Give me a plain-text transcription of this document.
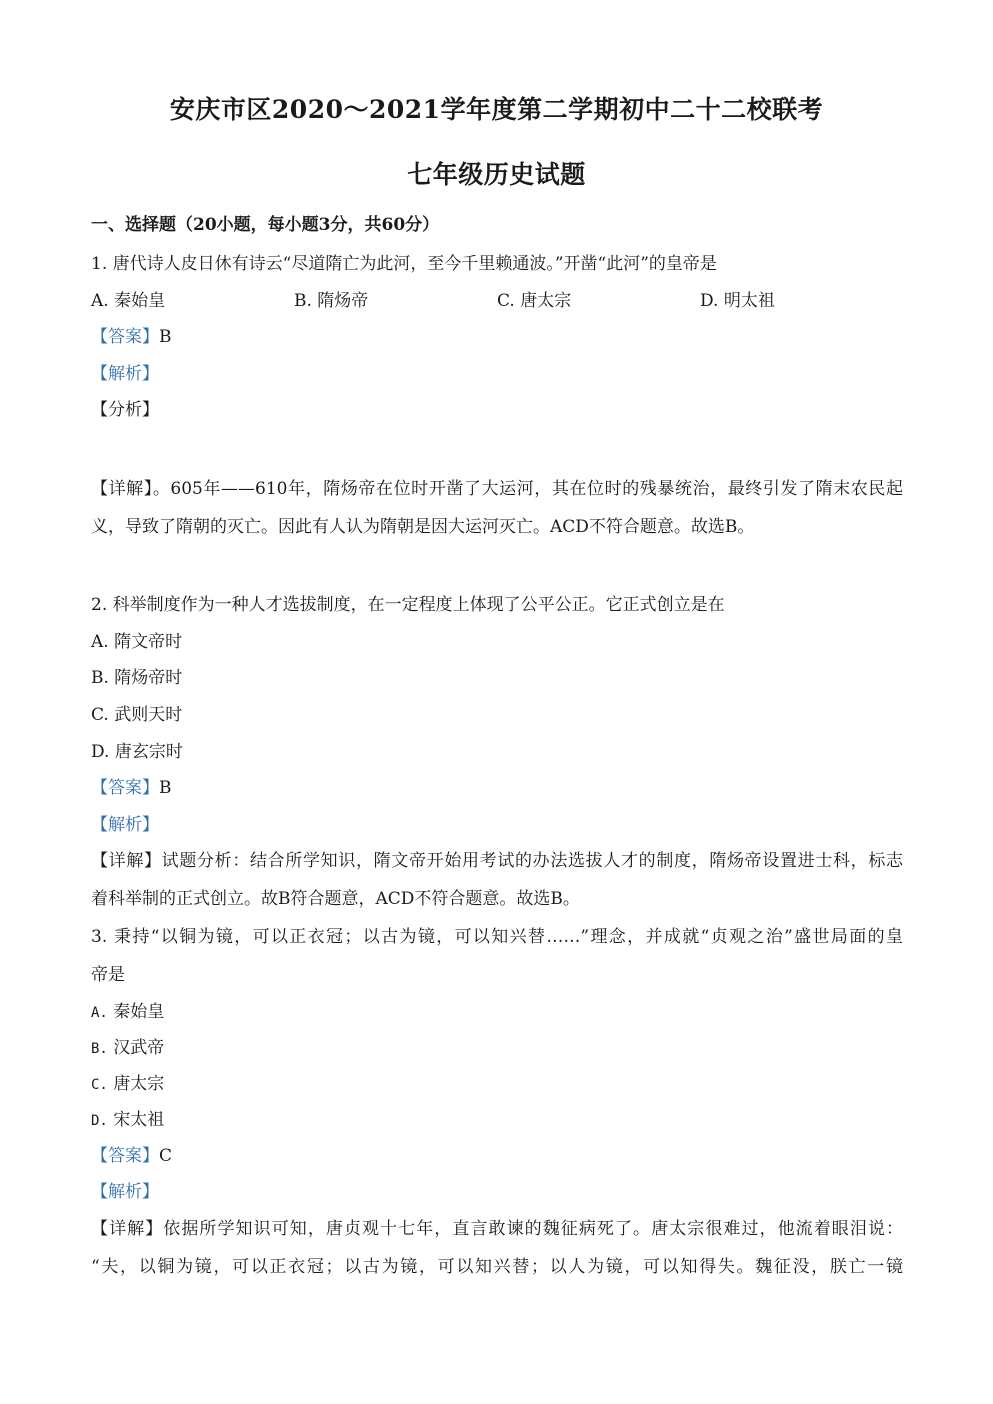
安庆市区2020～2021学年度第二学期初中二十二校联考
七年级历史试题
一、选择题（20小题，每小题3分，共60分）
1. 唐代诗人皮日休有诗云“尽道隋亡为此河，至今千里赖通波。”开凿“此河”的皇帝是
A. 秦始皇	B. 隋炀帝	C. 唐太宗	D. 明太祖
【答案】B
【解析】
【分析】
【详解】。605年——610年，隋炀帝在位时开凿了大运河，其在位时的残暴统治，最终引发了隋末农民起
义，导致了隋朝的灭亡。因此有人认为隋朝是因大运河灭亡。ACD不符合题意。故选B。
2. 科举制度作为一种人才选拔制度，在一定程度上体现了公平公正。它正式创立是在
A. 隋文帝时
B. 隋炀帝时
C. 武则天时
D. 唐玄宗时
【答案】B
【解析】
【详解】试题分析：结合所学知识，隋文帝开始用考试的办法选拔人才的制度，隋炀帝设置进士科，标志
着科举制的正式创立。故B符合题意，ACD不符合题意。故选B。
3. 秉持“以铜为镜，可以正衣冠；以古为镜，可以知兴替……”理念，并成就“贞观之治”盛世局面的皇
帝是
A. 秦始皇
B. 汉武帝
C. 唐太宗
D. 宋太祖
【答案】C
【解析】
【详解】依据所学知识可知，唐贞观十七年，直言敢谏的魏征病死了。唐太宗很难过，他流着眼泪说：
“夫，以铜为镜，可以正衣冠；以古为镜，可以知兴替；以人为镜，可以知得失。魏征没，朕亡一镜
